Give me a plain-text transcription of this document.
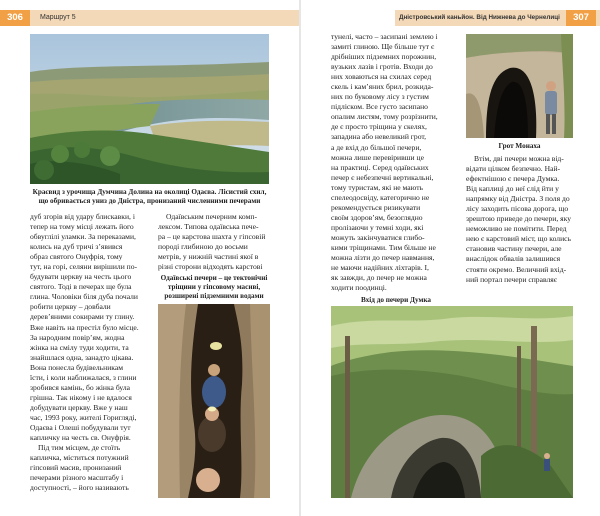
306	Маршрут 5
Краєвид з урочища Думчина Долина на околиці Одаєва. Лісистий схил,
що обривається униз до Дністра, пронизаний численними печерами
дуб згорів від удару блискавки, і
тепер на тому місці лежать його
обвуглілі уламки. За переказами,
колись на дуб тричі з’явився
образ святого Онуфрія, тому
тут, на горі, селяни вирішили по-
будувати церкву на честь цього
святого. Тоді в печерах ще була
глина. Чоловіки біля дуба почали
робити церкву – довбали
дерев’яними сокирами ту глину.
Вже навіть на престіл було місце.
За народним повір’ям, жодна
жінка на смілу туди ходити, та
знайшлася одна, занадто цікава.
Вона понесла будівельникам
їсти, і коли наближалася, з глини
зробився камінь, бо жінка була
грішна. Так нікому і не вдалося
добудувати церкву. Вже у наш
час, 1993 року, жителі Горигляді,
Одаєва і Олеші побудували тут
капличку на честь св. Онуфрія.
Під тим місцем, де стоїть
капличка, міститься потужний
гіпсовий масив, пронизаний
печерами різного масштабу і
доступності, – його називають
Одаївським печерним комп-
лексом. Типова одаївська пече-
ра – це карстова шахта у гіпсовій
породі глибиною до восьми
метрів, у нижній частині якої в
різні сторони відходять карстові
Одаївські печери – це тектонічні
тріщини у гіпсовому масиві,
розширені підземними водами
Дністровський каньйон. Від Нижнева до Чернелиці	307
тунелі, часто – засипані землею і
замиті глиною. Ще більше тут є
дрібніших підземних порожнин,
вузьких лазів і гротів. Входи до
них ховаються на схилах серед
скель і кам’яних брил, розкида-
них по буковому лісу з густим
підліском. Все густо засипано
опалим листям, тому розрізнити,
де є просто тріщина у скелях,
западина або невеликий грот,
а де вхід до більшої печери,
можна лише перевіривши це
на практиці. Серед одаївських
печер є небезпечні вертикальні,
тому туристам, які не мають
спелеодосвіду, категорично не
рекомендується ризикувати
своїм здоров’ям, безоглядно
пролізаючи у темні ходи, які
можуть закінчуватися глибо-
кими тріщинами. Тим більше не
можна лізти до печер навмання,
не маючи надійних ліхтарів. І,
як завжди, до печер не можна
ходити поодинці.
Вхід до печери Думка
Грот Монаха
Втім, дві печери можна від-
відати цілком безпечно. Най-
ефектнішою є печера Думка.
Від каплиці до неї слід йти у
напрямку від Дністра. З поля до
лісу заходить пісова дорога, що
зрештою приведе до печери, яку
неможливо не помітити. Перед
нею є карстовий міст, що колись
становив частину печери, але
внаслідок обвалів залишився
стояти окремо. Величний вхід-
ний портал печери справляє
